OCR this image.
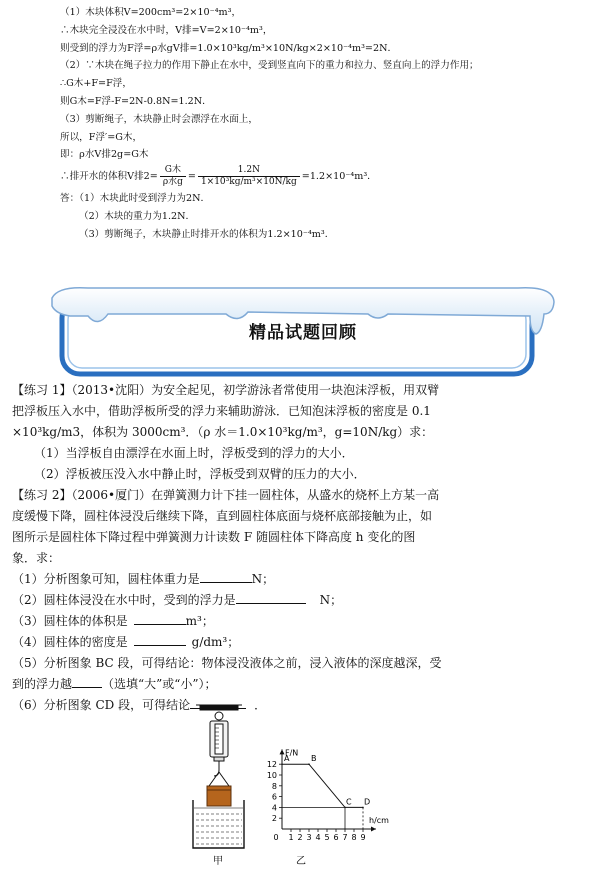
（1）木块体积V=200cm³=2×10⁻⁴m³，
∴木块完全浸没在水中时，V排=V=2×10⁻⁴m³，
则受到的浮力为F浮=ρ水gV排=1.0×10³kg/m³×10N/kg×2×10⁻⁴m³=2N．
（2）∵木块在绳子拉力的作用下静止在水中，受到竖直向下的重力和拉力、竖直向上的浮力作用；
∴G木+F=F浮，
则G木=F浮-F=2N-0.8N=1.2N．
（3）剪断绳子，木块静止时会漂浮在水面上，
所以，F浮′=G木，
即：ρ水V排2g=G木
∴排开水的体积V排$2= \frac{\text{G木}}{\text{ρ水g}} = \frac{1.2N}{\text{1×10³kg/m³×10N/kg}} =1.2\times 10^{-4}m^3$．
答：（1）木块此时受到浮力为2N．
（2）木块的重力为1.2N．
（3）剪断绳子，木块静止时排开水的体积为1.2×10⁻⁴m³．
精品试题回顾
【练习 1】（2013•沈阳）为安全起见，初学游泳者常使用一块泡沫浮板，用双臂
把浮板压入水中，借助浮板所受的浮力来辅助游泳．已知泡沫浮板的密度是 0.1
×10³kg/m3，体积为 3000cm³．（ρ 水＝1.0×10³kg/m³，g=10N/kg）求：
（1）当浮板自由漂浮在水面上时，浮板受到的浮力的大小．
（2）浮板被压没入水中静止时，浮板受到双臂的压力的大小．
【练习 2】（2006•厦门）在弹簧测力计下挂一圆柱体，从盛水的烧杯上方某一高
度缓慢下降，圆柱体浸没后继续下降，直到圆柱体底面与烧杯底部接触为止，如
图所示是圆柱体下降过程中弹簧测力计读数 F 随圆柱体下降高度 h 变化的图
象．求：
（1）分析图象可知，圆柱体重力是	N；
（2）圆柱体浸没在水中时，受到的浮力是	N；
（3）圆柱体的体积是	m³；
（4）圆柱体的密度是	g/dm³；
（5）分析图象 BC 段，可得结论：物体浸没液体之前，浸入液体的深度越深，受
到的浮力越	（选填“大”或“小”）；
（6）分析图象 CD 段，可得结论	．
甲
F/N
h/cm
2
4
6
8
10
12
0 1 2 3 4 5 6 7 8 9
A	B
C D
乙
